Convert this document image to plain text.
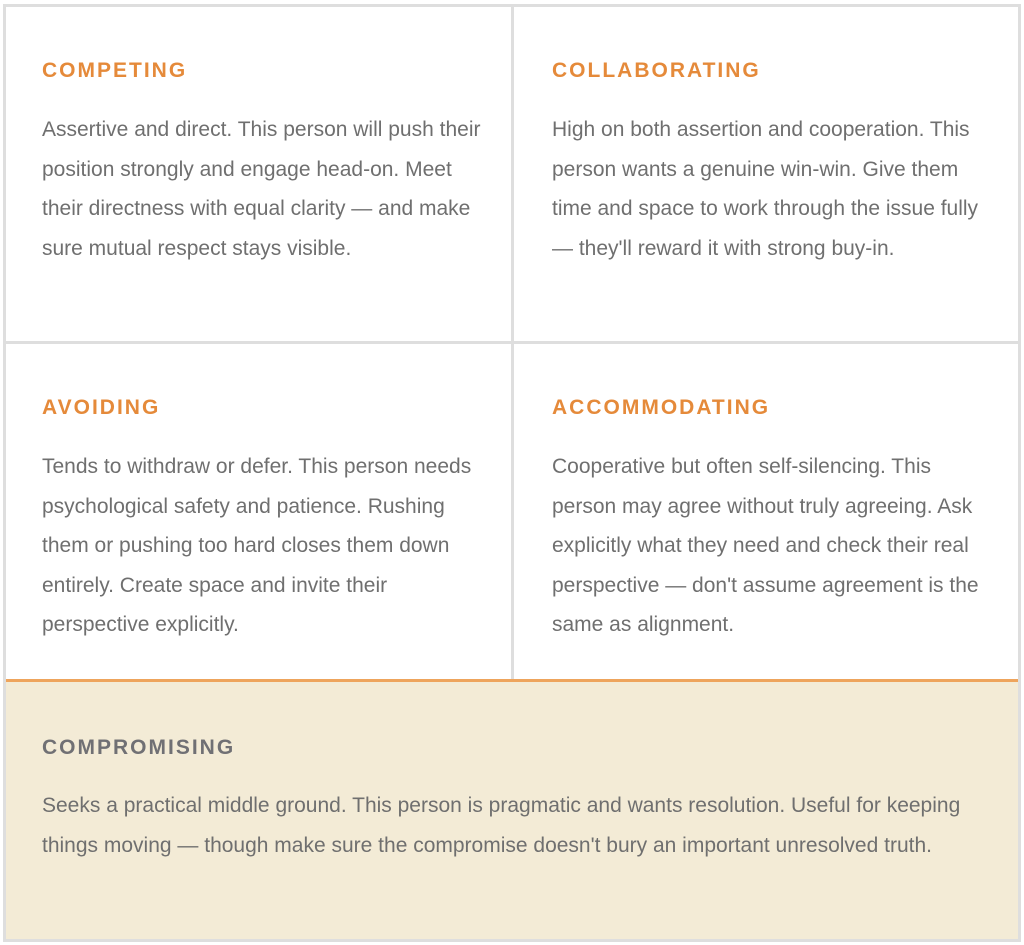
COMPETING

Assertive and direct. This person will push their position strongly and engage head-on. Meet their directness with equal clarity — and make sure mutual respect stays visible.

COLLABORATING

High on both assertion and cooperation. This person wants a genuine win-win. Give them time and space to work through the issue fully — they'll reward it with strong buy-in.

AVOIDING

Tends to withdraw or defer. This person needs psychological safety and patience. Rushing them or pushing too hard closes them down entirely. Create space and invite their perspective explicitly.

ACCOMMODATING

Cooperative but often self-silencing. This person may agree without truly agreeing. Ask explicitly what they need and check their real perspective — don't assume agreement is the same as alignment.

COMPROMISING

Seeks a practical middle ground. This person is pragmatic and wants resolution. Useful for keeping things moving — though make sure the compromise doesn't bury an important unresolved truth.
